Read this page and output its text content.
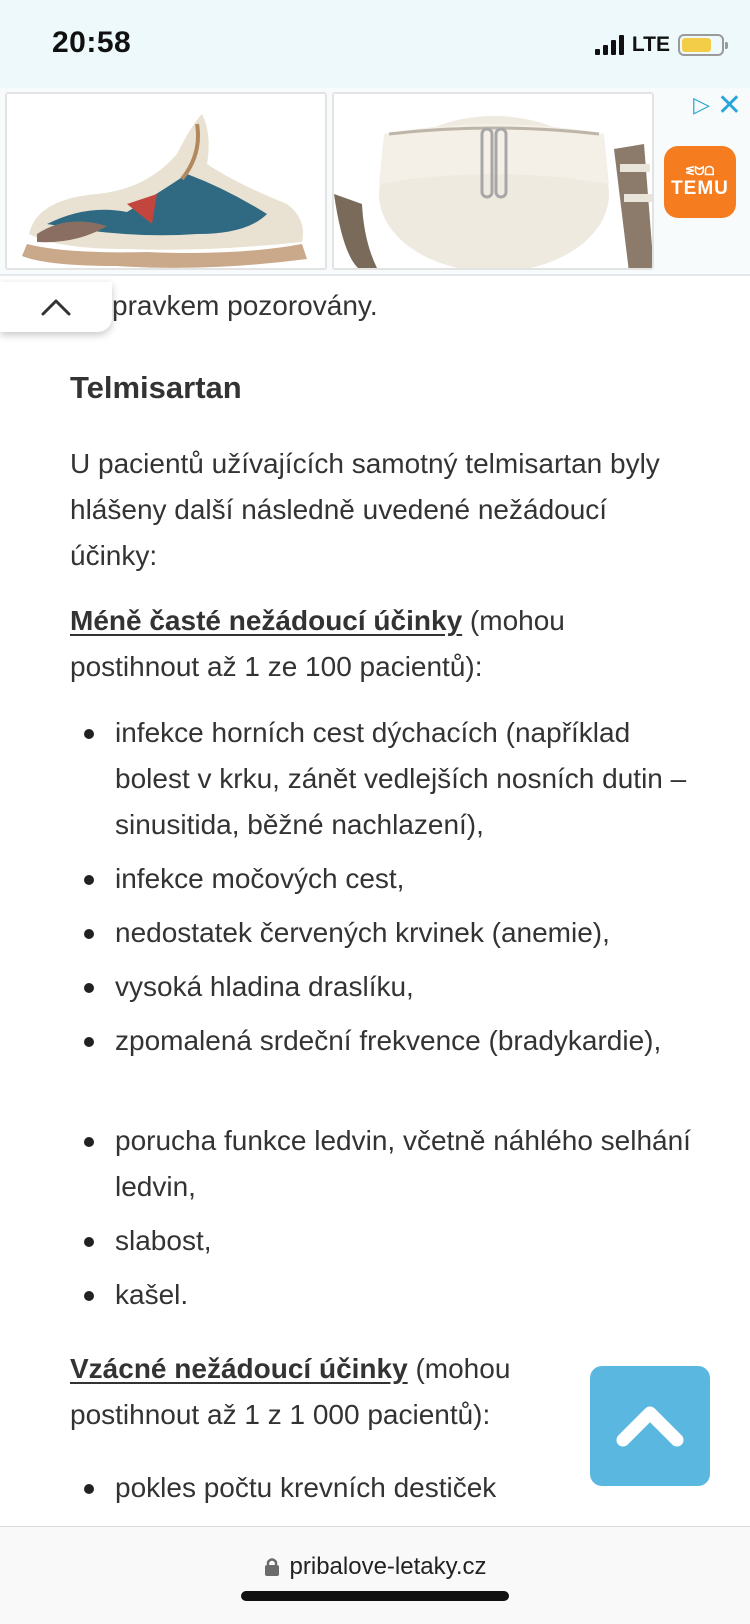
20:58	LTE
▷ ✕
ᓬᗢᗝ
TEMU
pravkem pozorovány.
Telmisartan

U pacientů užívajících samotný telmisartan byly hlášeny další následně uvedené nežádoucí účinky:

Méně časté nežádoucí účinky (mohou postihnout až 1 ze 100 pacientů):

infekce horních cest dýchacích (například bolest v krku, zánět vedlejších nosních dutin – sinusitida, běžné nachlazení),
infekce močových cest,
nedostatek červených krvinek (anemie),
vysoká hladina draslíku,
zpomalená srdeční frekvence (bradykardie),
porucha funkce ledvin, včetně náhlého selhání ledvin,
slabost,
kašel.

Vzácné nežádoucí účinky (mohou postihnout až 1 z 1 000 pacientů):

pokles počtu krevních destiček
pribalove-letaky.cz
